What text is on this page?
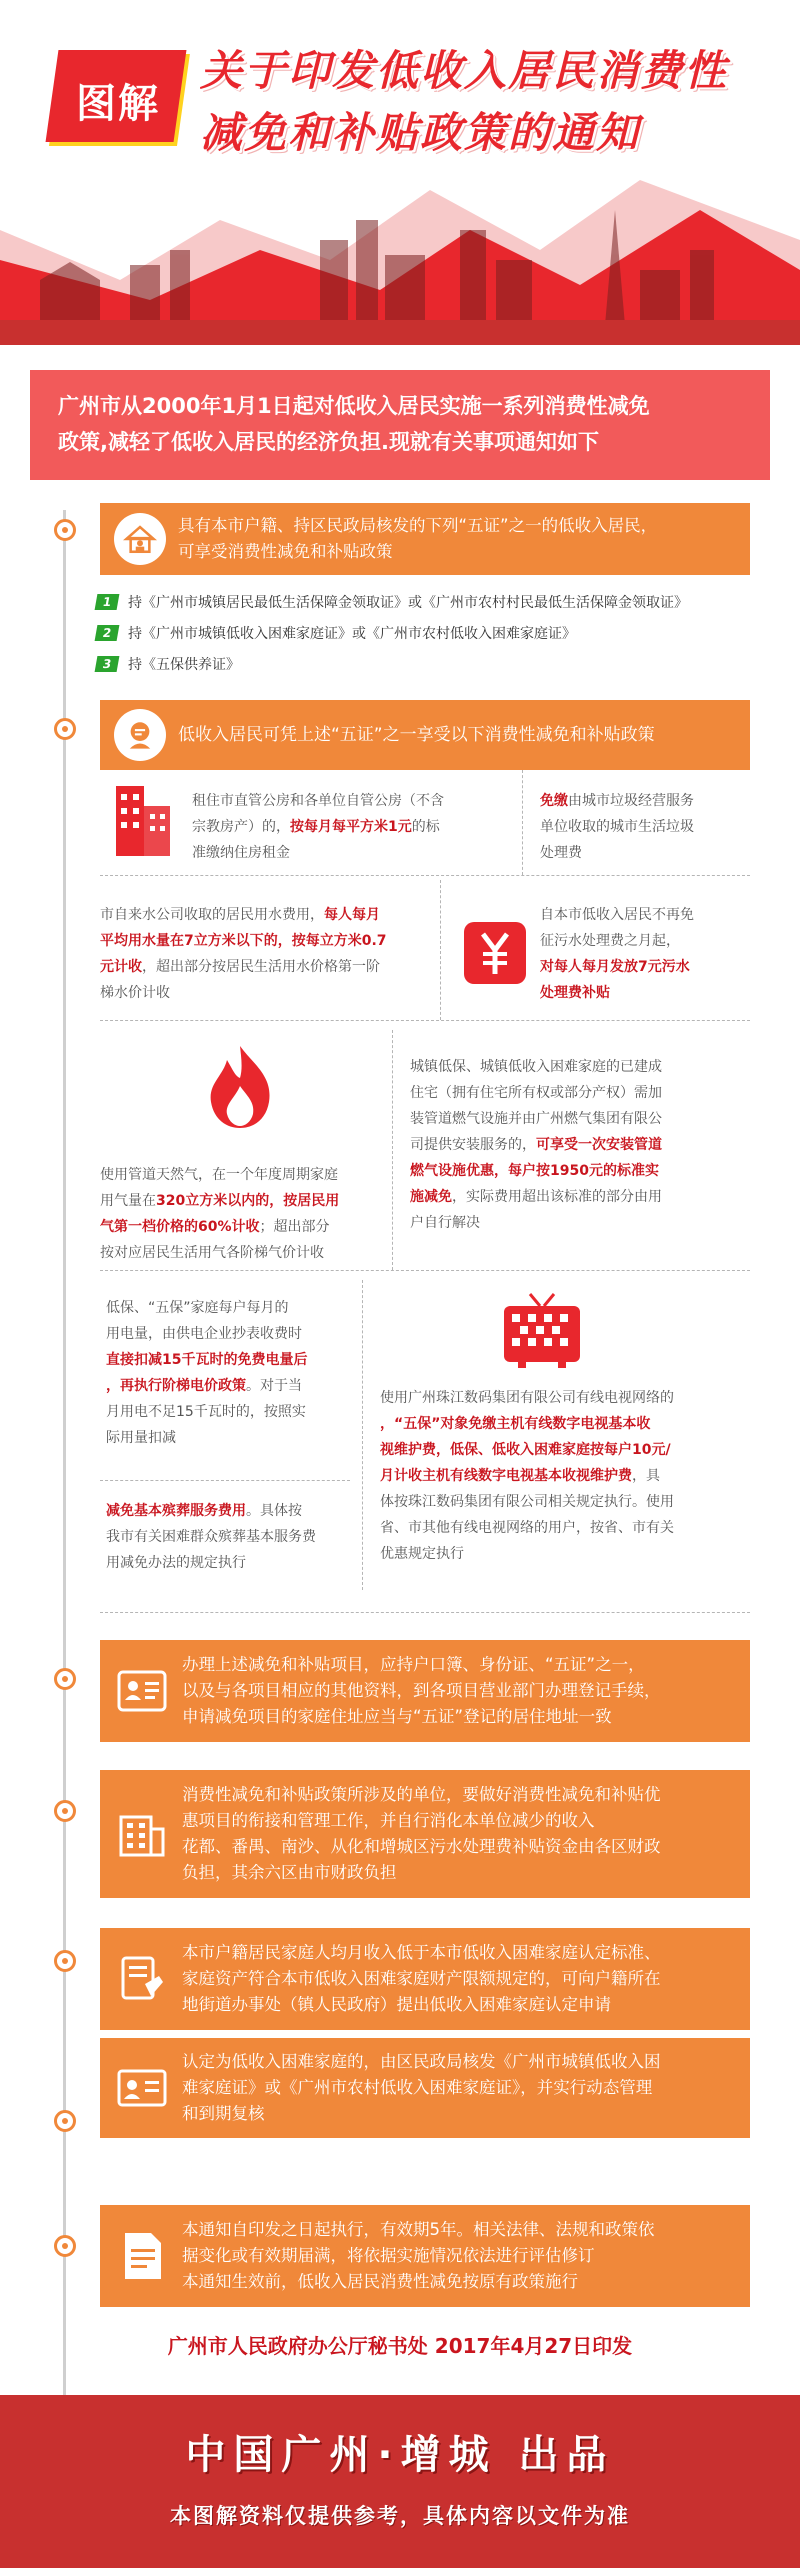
图解
关于印发低收入居民消费性
减免和补贴政策的通知
广州市从2000年1月1日起对低收入居民实施一系列消费性减免
政策,减轻了低收入居民的经济负担.现就有关事项通知如下
具有本市户籍、持区民政局核发的下列“五证”之一的低收入居民，
可享受消费性减免和补贴政策
1	持《广州市城镇居民最低生活保障金领取证》或《广州市农村村民最低生活保障金领取证》
2	持《广州市城镇低收入困难家庭证》或《广州市农村低收入困难家庭证》
3	持《五保供养证》
低收入居民可凭上述“五证”之一享受以下消费性减免和补贴政策
租住市直管公房和各单位自管公房（不含
宗教房产）的，按每月每平方米1元的标
准缴纳住房租金
免缴由城市垃圾经营服务
单位收取的城市生活垃圾
处理费
市自来水公司收取的居民用水费用，每人每月
平均用水量在7立方米以下的，按每立方米0.7
元计收，超出部分按居民生活用水价格第一阶
梯水价计收
自本市低收入居民不再免
征污水处理费之月起，
对每人每月发放7元污水
处理费补贴
使用管道天然气，在一个年度周期家庭
用气量在320立方米以内的，按居民用
气第一档价格的60%计收；超出部分
按对应居民生活用气各阶梯气价计收
城镇低保、城镇低收入困难家庭的已建成
住宅（拥有住宅所有权或部分产权）需加
装管道燃气设施并由广州燃气集团有限公
司提供安装服务的，可享受一次安装管道
燃气设施优惠，每户按1950元的标准实
施减免，实际费用超出该标准的部分由用
户自行解决
低保、“五保”家庭每户每月的
用电量，由供电企业抄表收费时
直接扣减15千瓦时的免费电量后
，再执行阶梯电价政策。对于当
月用电不足15千瓦时的，按照实
际用量扣减
减免基本殡葬服务费用。具体按
我市有关困难群众殡葬基本服务费
用减免办法的规定执行
使用广州珠江数码集团有限公司有线电视网络的
，“五保”对象免缴主机有线数字电视基本收
视维护费，低保、低收入困难家庭按每户10元/
月计收主机有线数字电视基本收视维护费，具
体按珠江数码集团有限公司相关规定执行。使用
省、市其他有线电视网络的用户，按省、市有关
优惠规定执行
办理上述减免和补贴项目，应持户口簿、身份证、“五证”之一，
以及与各项目相应的其他资料，到各项目营业部门办理登记手续，
申请减免项目的家庭住址应当与“五证”登记的居住地址一致
消费性减免和补贴政策所涉及的单位，要做好消费性减免和补贴优
惠项目的衔接和管理工作，并自行消化本单位减少的收入
花都、番禺、南沙、从化和增城区污水处理费补贴资金由各区财政
负担，其余六区由市财政负担
本市户籍居民家庭人均月收入低于本市低收入困难家庭认定标准、
家庭资产符合本市低收入困难家庭财产限额规定的，可向户籍所在
地街道办事处（镇人民政府）提出低收入困难家庭认定申请
认定为低收入困难家庭的，由区民政局核发《广州市城镇低收入困
难家庭证》或《广州市农村低收入困难家庭证》，并实行动态管理
和到期复核
本通知自印发之日起执行，有效期5年。相关法律、法规和政策依
据变化或有效期届满，将依据实施情况依法进行评估修订
本通知生效前，低收入居民消费性减免按原有政策施行
广州市人民政府办公厅秘书处 2017年4月27日印发
中国广州·增城 出品
本图解资料仅提供参考，具体内容以文件为准
